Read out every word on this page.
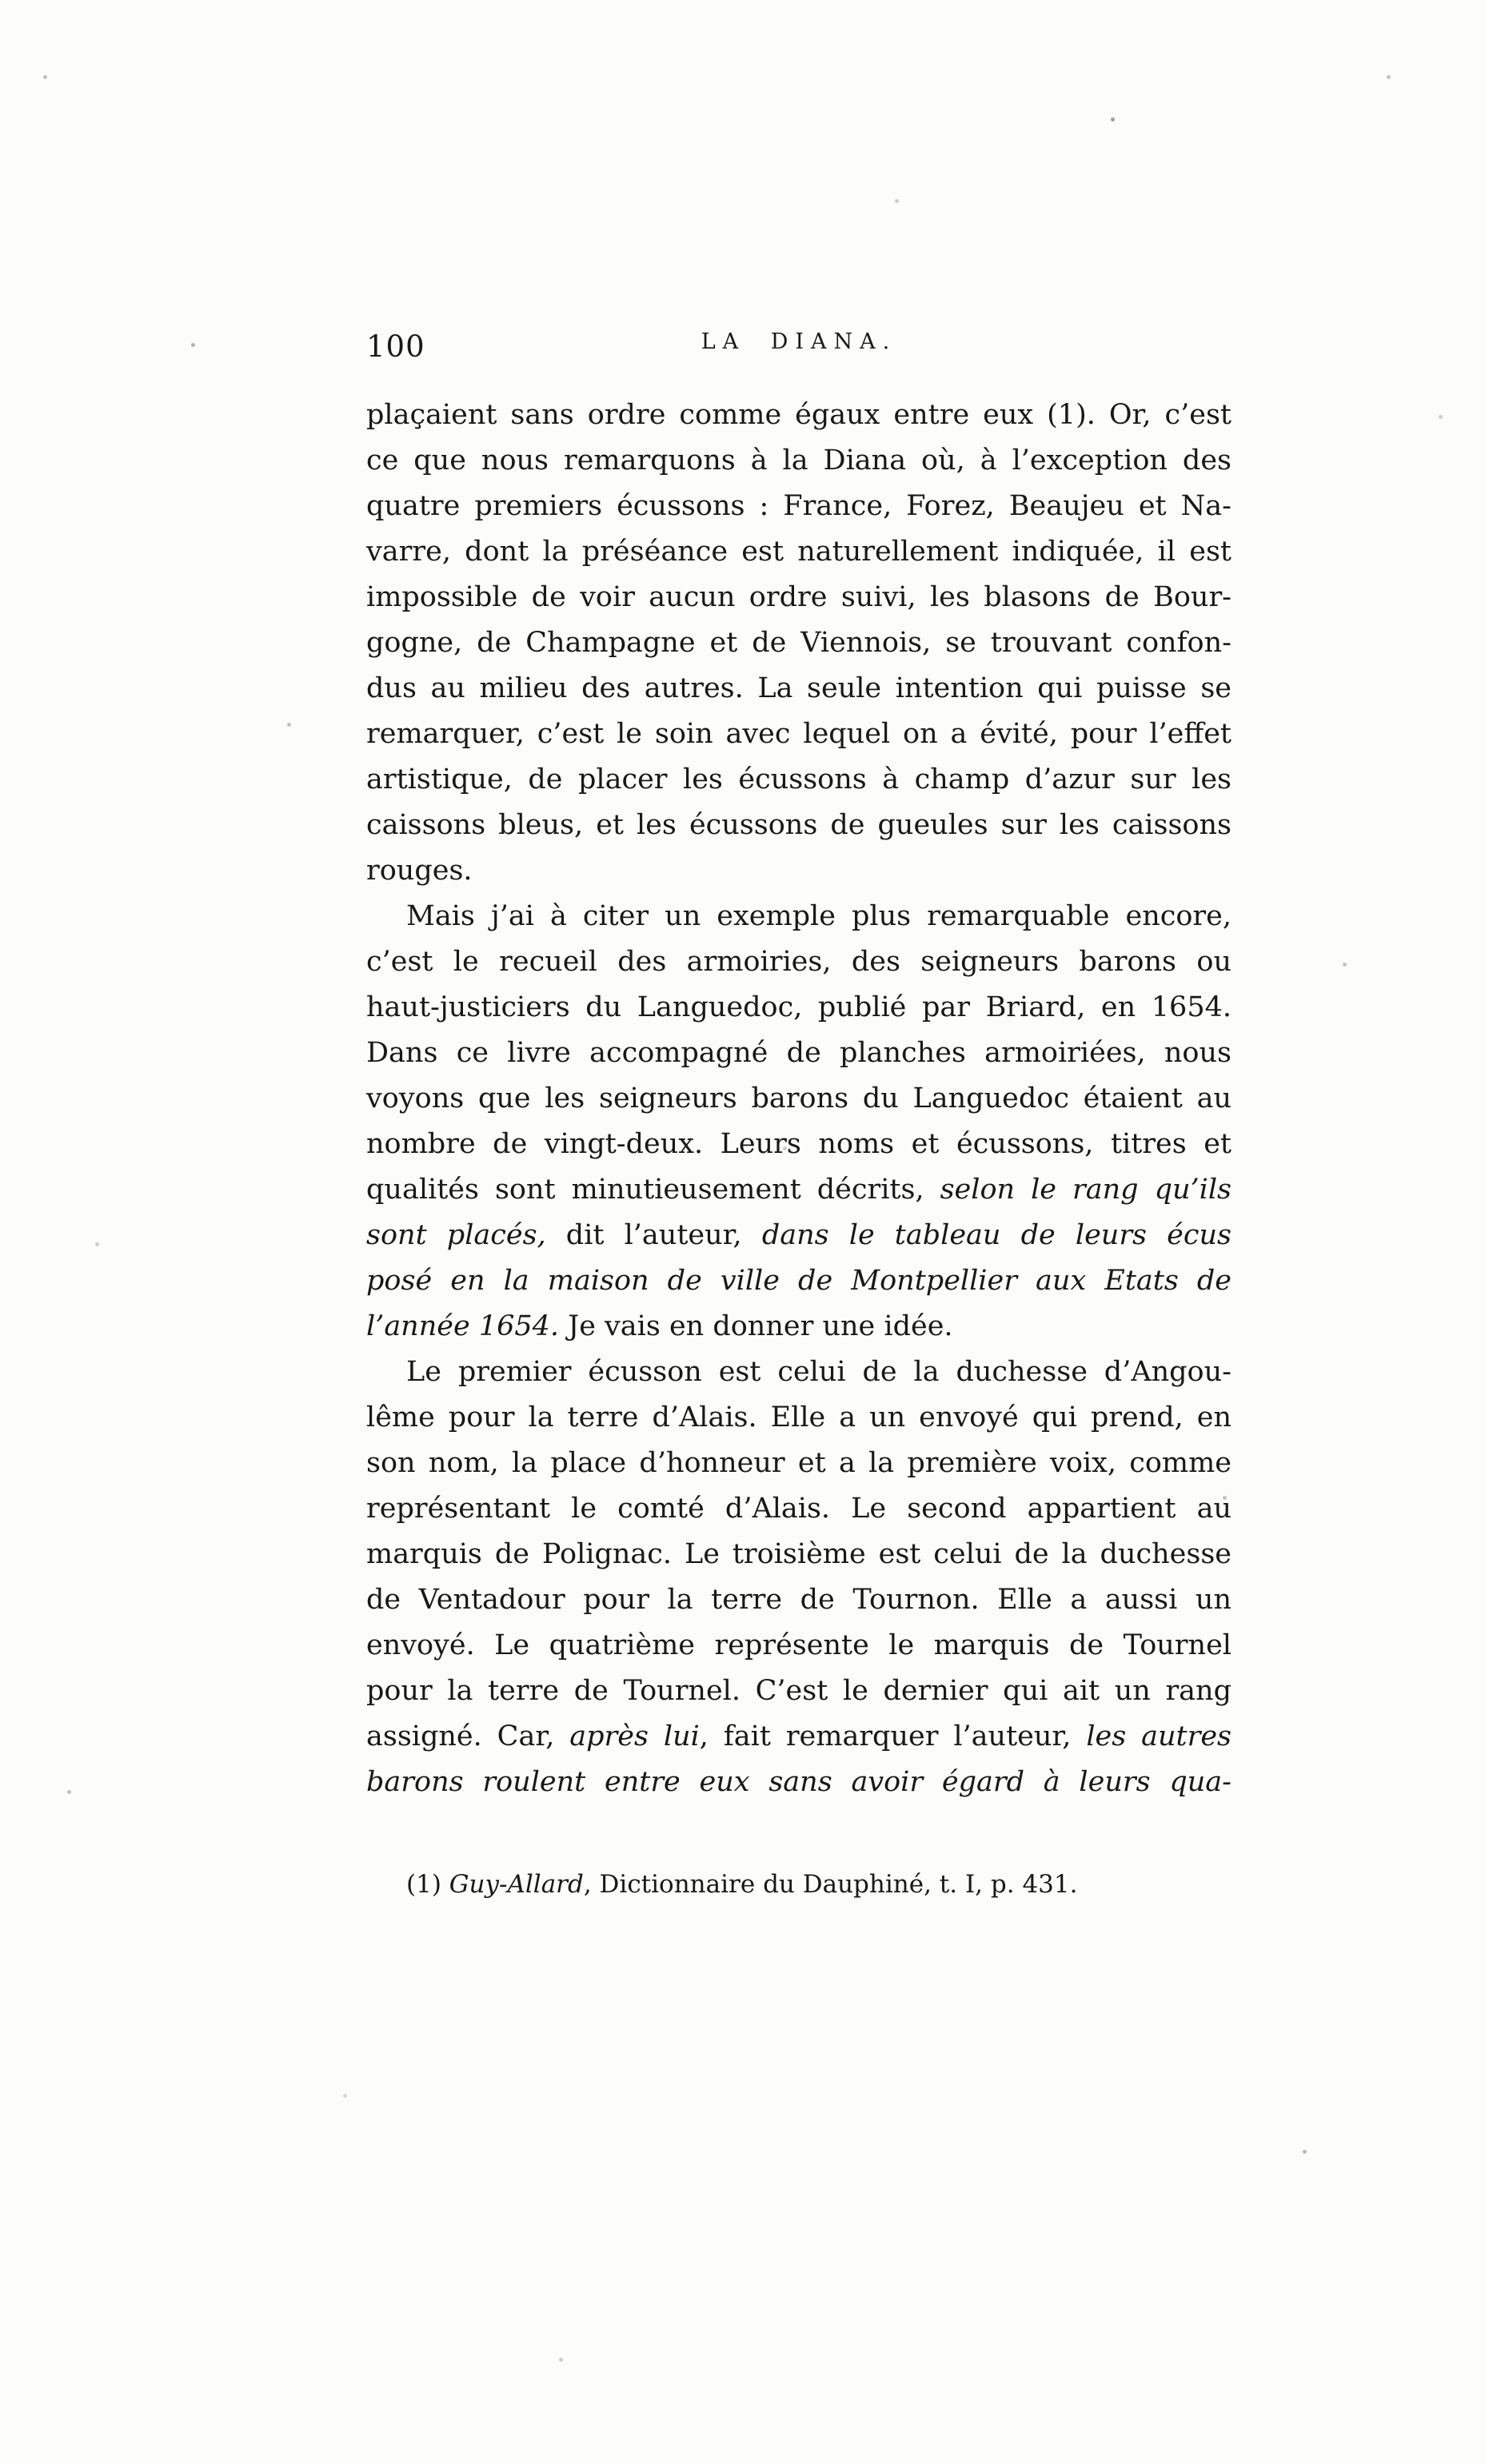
100	LA DIANA.
plaçaient sans ordre comme égaux entre eux (1). Or, c’est
ce que nous remarquons à la Diana où, à l’exception des
quatre premiers écussons : France, Forez, Beaujeu et Na-
varre, dont la préséance est naturellement indiquée, il est
impossible de voir aucun ordre suivi, les blasons de Bour-
gogne, de Champagne et de Viennois, se trouvant confon-
dus au milieu des autres. La seule intention qui puisse se
remarquer, c’est le soin avec lequel on a évité, pour l’effet
artistique, de placer les écussons à champ d’azur sur les
caissons bleus, et les écussons de gueules sur les caissons
rouges.
Mais j’ai à citer un exemple plus remarquable encore,
c’est le recueil des armoiries, des seigneurs barons ou
haut-justiciers du Languedoc, publié par Briard, en 1654.
Dans ce livre accompagné de planches armoiriées, nous
voyons que les seigneurs barons du Languedoc étaient au
nombre de vingt-deux. Leurs noms et écussons, titres et
qualités sont minutieusement décrits, selon le rang qu’ils
sont placés, dit l’auteur, dans le tableau de leurs écus
posé en la maison de ville de Montpellier aux Etats de
l’année 1654. Je vais en donner une idée.
Le premier écusson est celui de la duchesse d’Angou-
lême pour la terre d’Alais. Elle a un envoyé qui prend, en
son nom, la place d’honneur et a la première voix, comme
représentant le comté d’Alais. Le second appartient au
marquis de Polignac. Le troisième est celui de la duchesse
de Ventadour pour la terre de Tournon. Elle a aussi un
envoyé. Le quatrième représente le marquis de Tournel
pour la terre de Tournel. C’est le dernier qui ait un rang
assigné. Car, après lui, fait remarquer l’auteur, les autres
barons roulent entre eux sans avoir égard à leurs qua-
(1) Guy-Allard, Dictionnaire du Dauphiné, t. I, p. 431.
